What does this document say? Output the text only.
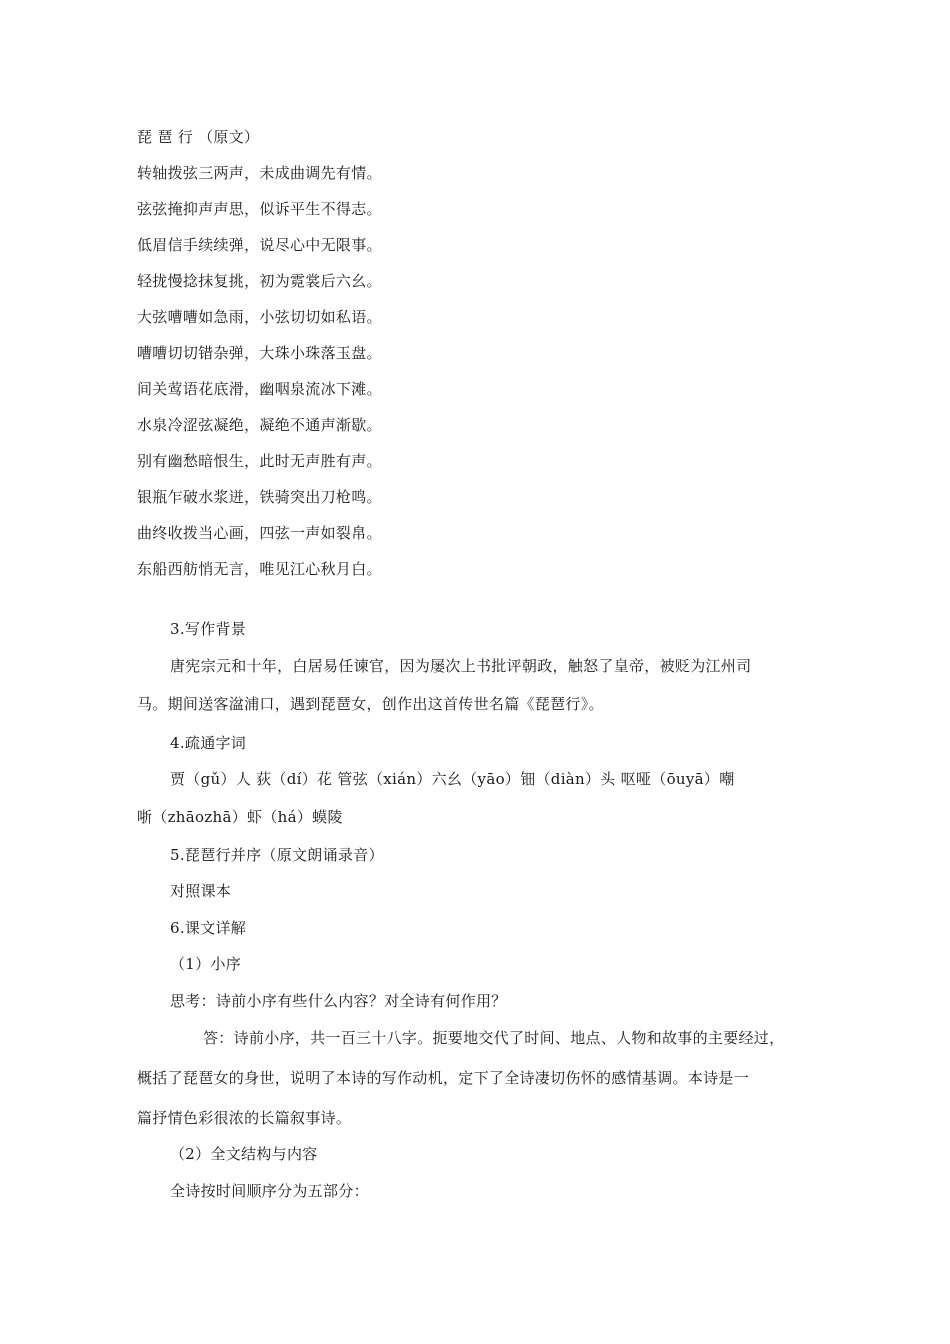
琵 琶 行 （原文）
转轴拨弦三两声，未成曲调先有情。
弦弦掩抑声声思，似诉平生不得志。
低眉信手续续弹，说尽心中无限事。
轻拢慢捻抹复挑，初为霓裳后六幺。
大弦嘈嘈如急雨，小弦切切如私语。
嘈嘈切切错杂弹，大珠小珠落玉盘。
间关莺语花底滑，幽咽泉流冰下滩。
水泉冷涩弦凝绝，凝绝不通声渐歇。
别有幽愁暗恨生，此时无声胜有声。
银瓶乍破水浆迸，铁骑突出刀枪鸣。
曲终收拨当心画，四弦一声如裂帛。
东船西舫悄无言，唯见江心秋月白。
3.写作背景
唐宪宗元和十年，白居易任谏官，因为屡次上书批评朝政，触怒了皇帝，被贬为江州司
马。期间送客湓浦口，遇到琵琶女，创作出这首传世名篇《琵琶行》。
4.疏通字词
贾（gǔ）人 荻（dí）花 管弦（xián）六幺（yāo）钿（diàn）头 呕哑（ōuyā）嘲
哳（zhāozhā）虾（há）蟆陵
5.琵琶行并序（原文朗诵录音）
对照课本
6.课文详解
（1）小序
思考：诗前小序有些什么内容？对全诗有何作用？
答：诗前小序，共一百三十八字。扼要地交代了时间、地点、人物和故事的主要经过，
概括了琵琶女的身世，说明了本诗的写作动机，定下了全诗凄切伤怀的感情基调。本诗是一
篇抒情色彩很浓的长篇叙事诗。
（2）全文结构与内容
全诗按时间顺序分为五部分：
